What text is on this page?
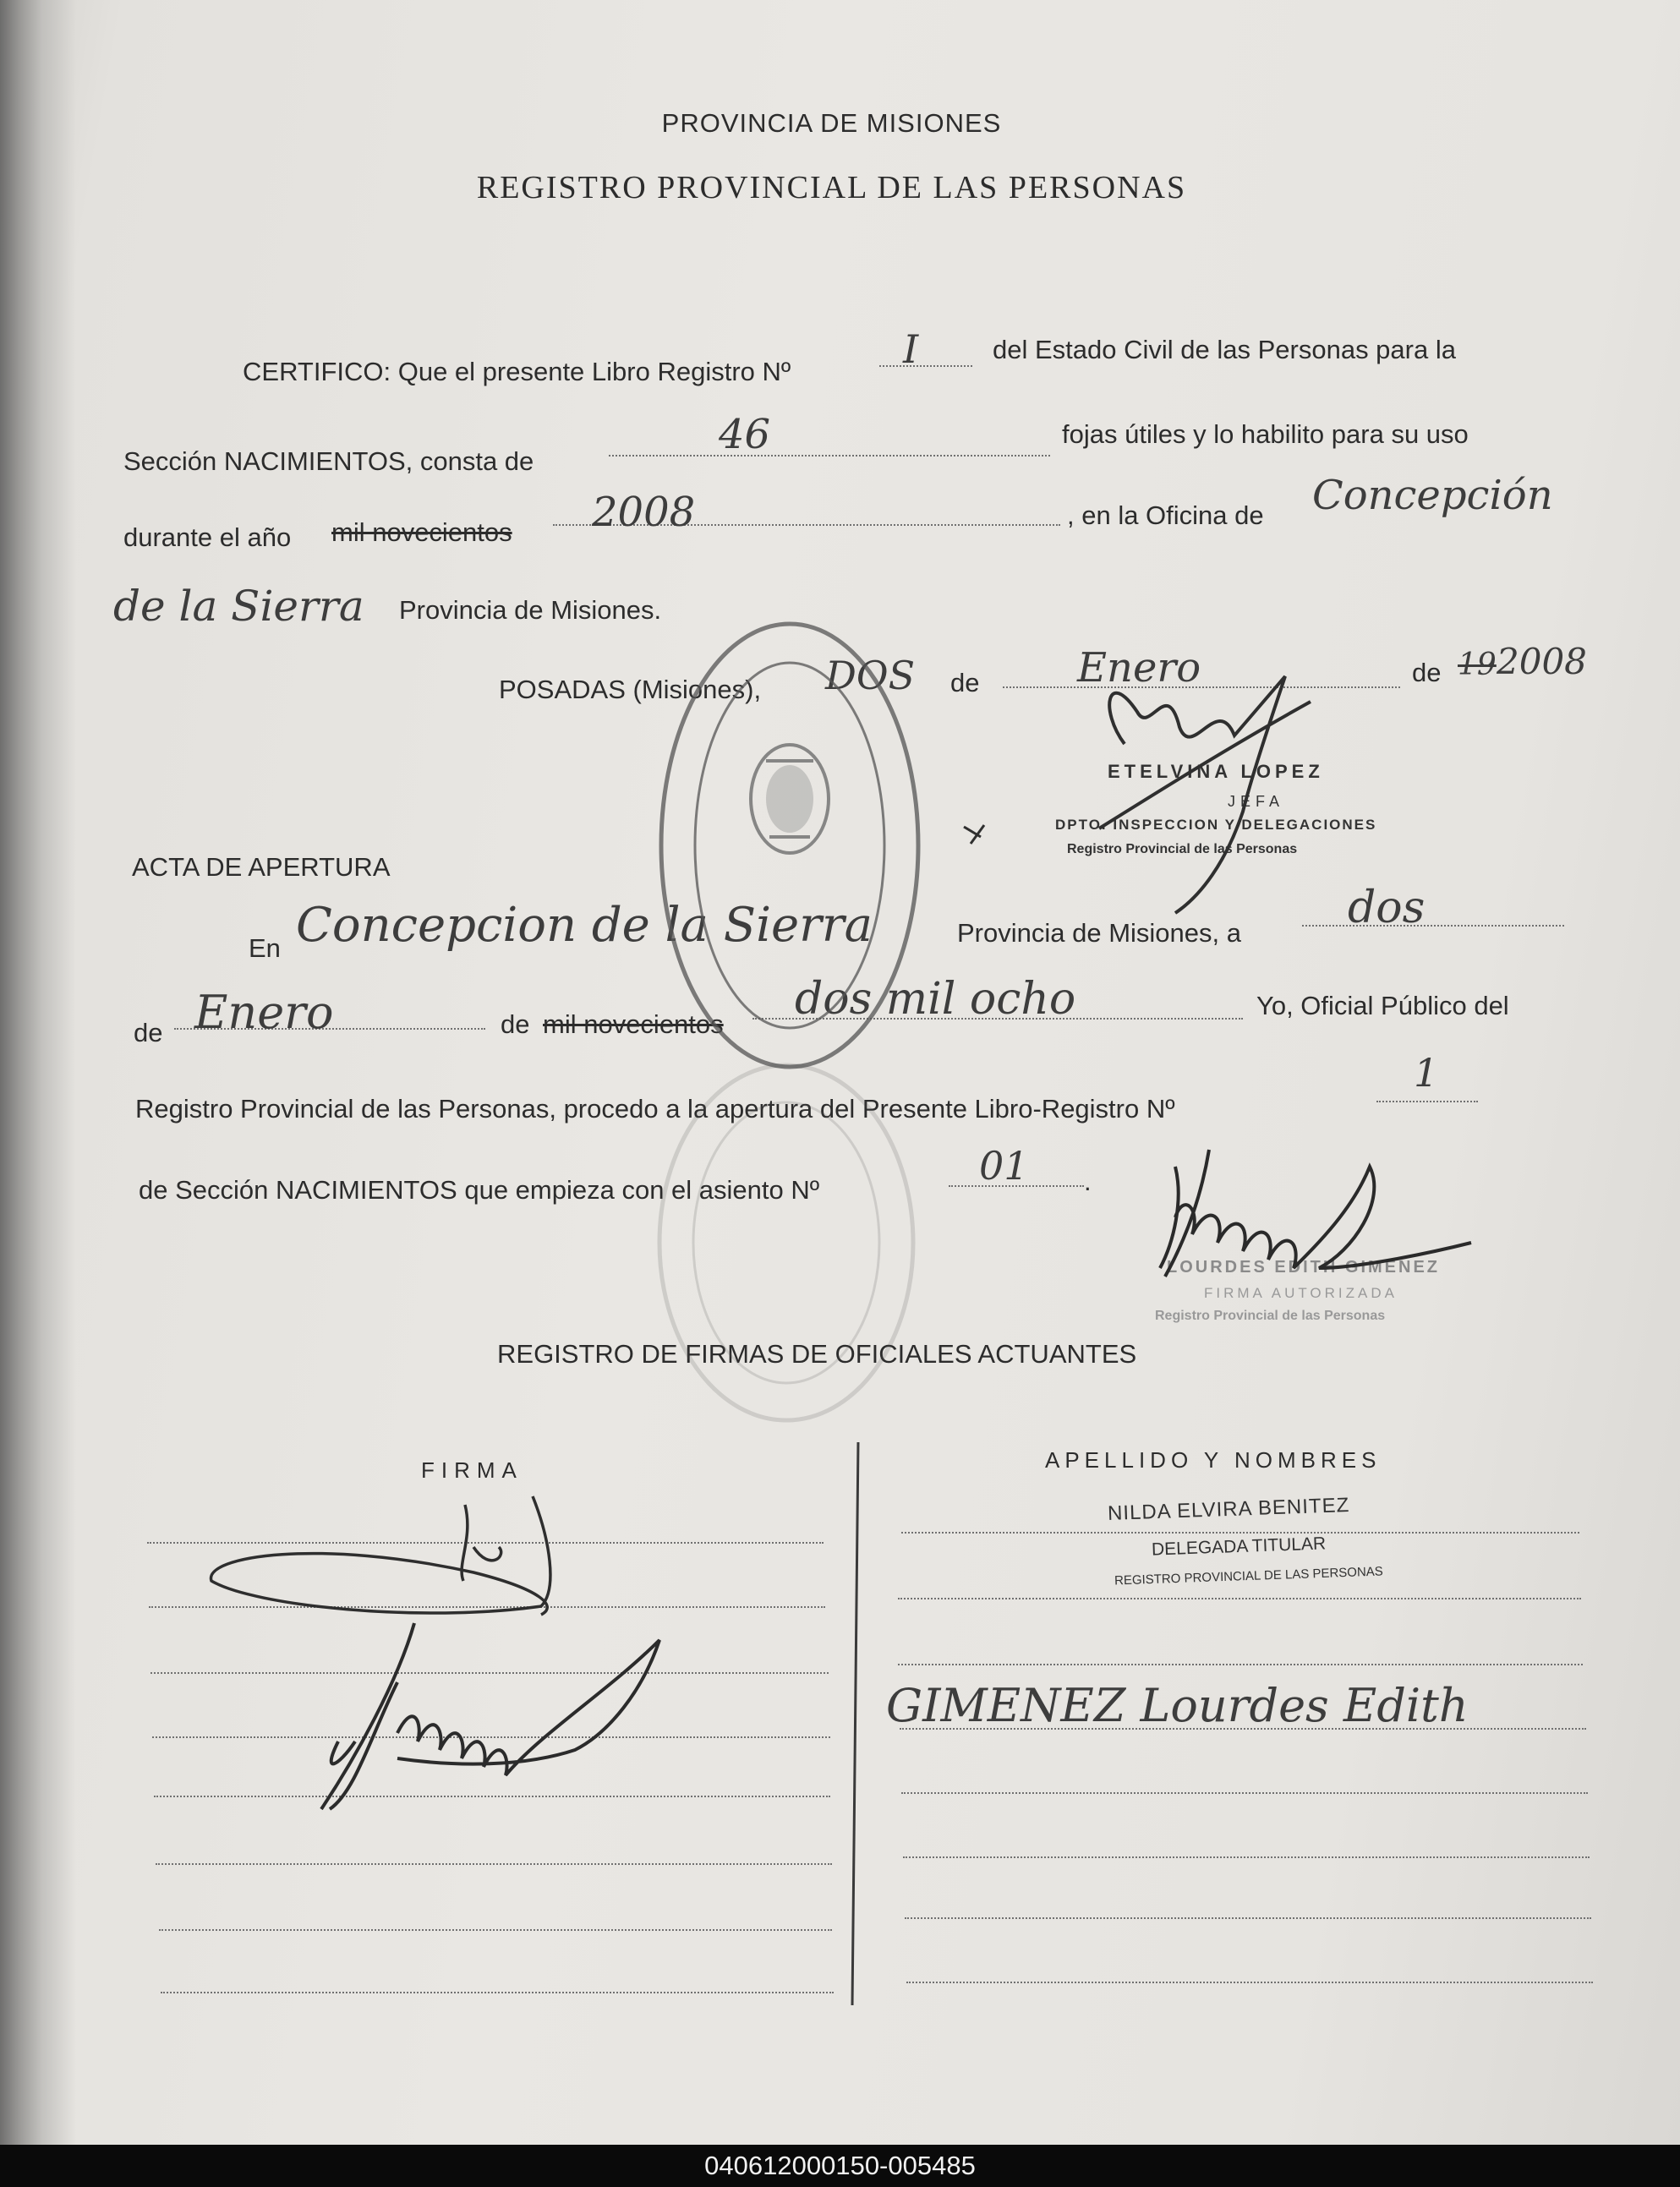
PROVINCIA DE MISIONES
REGISTRO PROVINCIAL DE LAS PERSONAS
CERTIFICO: Que el presente Libro Registro Nº	I	del Estado Civil de las Personas para la
Sección NACIMIENTOS, consta de
46	fojas útiles y lo habilito para su uso
durante el año mil novecientos 2008	, en la Oficina de Concepción
de la Sierra Provincia de Misiones.
POSADAS (Misiones), DOS de Enero	de 19 2008
ETELVINA LOPEZ
JEFA
DPTO. INSPECCION Y DELEGACIONES
Registro Provincial de las Personas
ACTA DE APERTURA
En Concepcion de la Sierra	Provincia de Misiones, a dos
de Enero	de mil novecientos dos mil ocho	Yo, Oficial Público del
Registro Provincial de las Personas, procedo a la apertura del Presente Libro-Registro Nº
1
de Sección NACIMIENTOS que empieza con el asiento Nº
01 .
LOURDES EDITH GIMENEZ
FIRMA AUTORIZADA
Registro Provincial de las Personas
REGISTRO DE FIRMAS DE OFICIALES ACTUANTES
FIRMA	APELLIDO Y NOMBRES
NILDA ELVIRA BENITEZ
DELEGADA TITULAR
REGISTRO PROVINCIAL DE LAS PERSONAS
GIMENEZ Lourdes Edith
040612000150-005485
